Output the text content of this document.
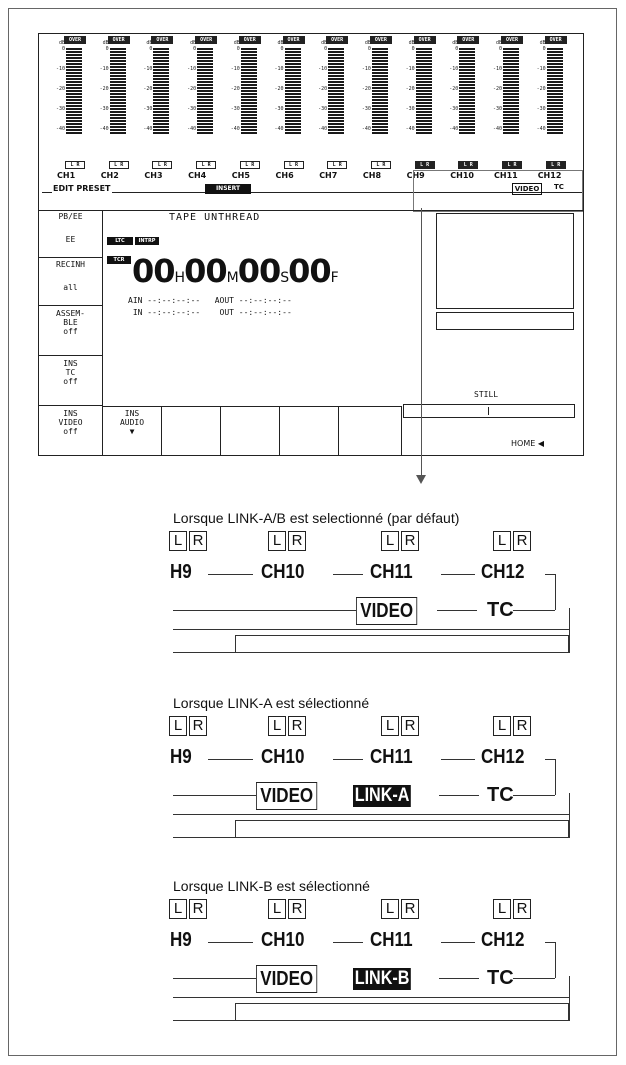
OVER
dB
0
-10
-20
-30
-40
L R
CH1
OVER
dB
0
-10
-20
-30
-40
L R
CH2
OVER
dB
0
-10
-20
-30
-40
L R
CH3
OVER
dB
0
-10
-20
-30
-40
L R
CH4
OVER
dB
0
-10
-20
-30
-40
L R
CH5
OVER
dB
0
-10
-20
-30
-40
L R
CH6
OVER
dB
0
-10
-20
-30
-40
L R
CH7
OVER
dB
0
-10
-20
-30
-40
L R
CH8
OVER
dB
0
-10
-20
-30
-40
L R
CH9
OVER
dB
0
-10
-20
-30
-40
L R
CH10
OVER
dB
0
-10
-20
-30
-40
L R
CH11
OVER
dB
0
-10
-20
-30
-40
L R
CH12
EDIT PRESET	INSERT	VIDEO	TC
PB/EE
EE
RECINH
all
ASSEM-
BLE
off
INS
TC
off
INS
VIDEO
off
TAPE UNTHREAD
LTC	INTRP
TCR 00H00M00S00F
AIN --:--:--:--   AOUT --:--:--:--
IN --:--:--:--    OUT --:--:--:--
STILL
HOME ◀
INS
AUDIO
▼
Lorsque LINK-A/B est selectionné (par défaut)
L R	L R	L R	L R
H9	CH10	CH11	CH12
VIDEO	TC
Lorsque LINK-A est sélectionné
L R	L R	L R	L R
H9	CH10	CH11	CH12
VIDEO LINK-A	TC
Lorsque LINK-B est sélectionné
L R	L R	L R	L R
H9	CH10	CH11	CH12
VIDEO LINK-B	TC
